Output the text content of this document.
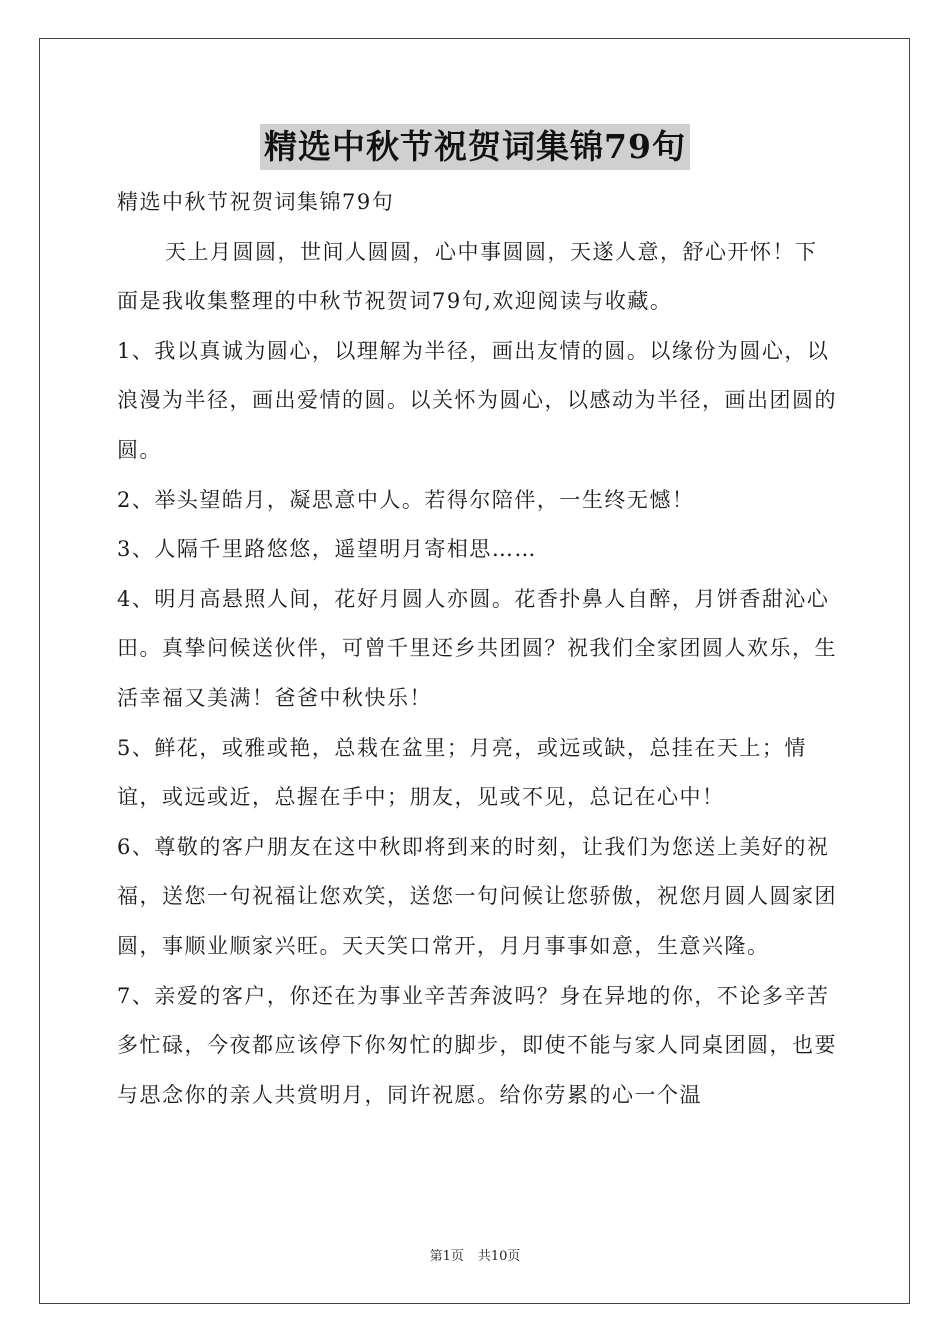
精选中秋节祝贺词集锦79句

精选中秋节祝贺词集锦79句

天上月圆圆，世间人圆圆，心中事圆圆，天遂人意，舒心开怀！下面是我收集整理的中秋节祝贺词79句,欢迎阅读与收藏。

1、我以真诚为圆心，以理解为半径，画出友情的圆。以缘份为圆心，以浪漫为半径，画出爱情的圆。以关怀为圆心，以感动为半径，画出团圆的圆。

2、举头望皓月，凝思意中人。若得尔陪伴，一生终无憾！

3、人隔千里路悠悠，遥望明月寄相思……

4、明月高悬照人间，花好月圆人亦圆。花香扑鼻人自醉，月饼香甜沁心田。真挚问候送伙伴，可曾千里还乡共团圆？祝我们全家团圆人欢乐，生活幸福又美满！爸爸中秋快乐！

5、鲜花，或雅或艳，总栽在盆里；月亮，或远或缺，总挂在天上；情谊，或远或近，总握在手中；朋友，见或不见，总记在心中！

6、尊敬的客户朋友在这中秋即将到来的时刻，让我们为您送上美好的祝福，送您一句祝福让您欢笑，送您一句问候让您骄傲，祝您月圆人圆家团圆，事顺业顺家兴旺。天天笑口常开，月月事事如意，生意兴隆。

7、亲爱的客户，你还在为事业辛苦奔波吗？身在异地的你，不论多辛苦多忙碌，今夜都应该停下你匆忙的脚步，即使不能与家人同桌团圆，也要与思念你的亲人共赏明月，同许祝愿。给你劳累的心一个温

第1页 共10页
